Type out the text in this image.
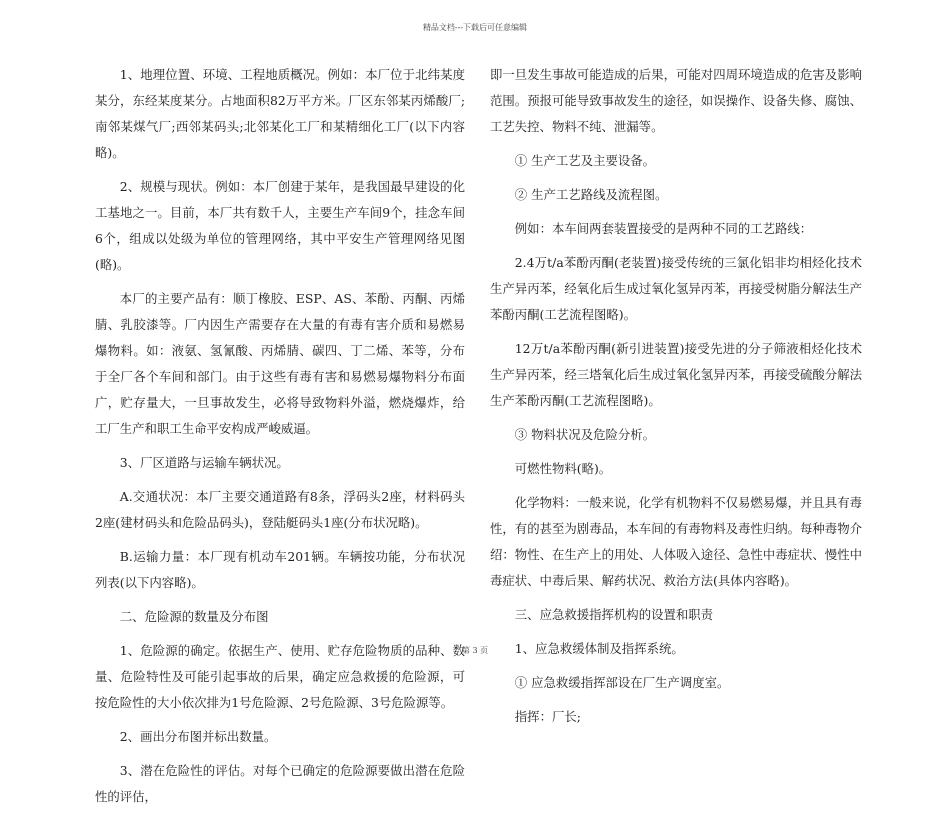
精品文档---下载后可任意编辑

1、地理位置、环境、工程地质概况。例如：本厂位于北纬某度某分，东经某度某分。占地面积82万平方米。厂区东邻某丙烯酸厂;南邻某煤气厂;西邻某码头;北邻某化工厂和某精细化工厂(以下内容略)。

2、规模与现状。例如：本厂创建于某年，是我国最早建设的化工基地之一。目前，本厂共有数千人，主要生产车间9个，挂念车间6个，组成以处级为单位的管理网络，其中平安生产管理网络见图(略)。

本厂的主要产品有：顺丁橡胶、ESP、AS、苯酚、丙酮、丙烯腈、乳胶漆等。厂内因生产需要存在大量的有毒有害介质和易燃易爆物料。如：液氨、氢氰酸、丙烯腈、碳四、丁二烯、苯等，分布于全厂各个车间和部门。由于这些有毒有害和易燃易爆物料分布面广，贮存量大，一旦事故发生，必将导致物料外溢，燃烧爆炸，给工厂生产和职工生命平安构成严峻威逼。

3、厂区道路与运输车辆状况。

A.交通状况：本厂主要交通道路有8条，浮码头2座，材料码头2座(建材码头和危险品码头)，登陆艇码头1座(分布状况略)。

B.运输力量：本厂现有机动车201辆。车辆按功能，分布状况列表(以下内容略)。

二、危险源的数量及分布图

1、危险源的确定。依据生产、使用、贮存危险物质的品种、数量、危险特性及可能引起事故的后果，确定应急救援的危险源，可按危险性的大小依次排为1号危险源、2号危险源、3号危险源等。

2、画出分布图并标出数量。

3、潜在危险性的评估。对每个已确定的危险源要做出潜在危险性的评估，

即一旦发生事故可能造成的后果，可能对四周环境造成的危害及影响范围。预报可能导致事故发生的途径，如误操作、设备失修、腐蚀、工艺失控、物料不纯、泄漏等。

① 生产工艺及主要设备。

② 生产工艺路线及流程图。

例如：本车间两套装置接受的是两种不同的工艺路线：

2.4万t/a苯酚丙酮(老装置)接受传统的三氯化铝非均相烃化技术生产异丙苯，经氧化后生成过氧化氢异丙苯，再接受树脂分解法生产苯酚丙酮(工艺流程图略)。

12万t/a苯酚丙酮(新引进装置)接受先进的分子筛液相烃化技术生产异丙苯，经三塔氧化后生成过氧化氢异丙苯，再接受硫酸分解法生产苯酚丙酮(工艺流程图略)。

③ 物料状况及危险分析。

可燃性物料(略)。

化学物料：一般来说，化学有机物料不仅易燃易爆，并且具有毒性，有的甚至为剧毒品，本车间的有毒物料及毒性归纳。每种毒物介绍：物性、在生产上的用处、人体吸入途径、急性中毒症状、慢性中毒症状、中毒后果、解药状况、救治方法(具体内容略)。

三、应急救援指挥机构的设置和职责

1、应急救缓体制及指挥系统。

① 应急救缓指挥部设在厂生产调度室。

指挥：厂长;

第 3 页
